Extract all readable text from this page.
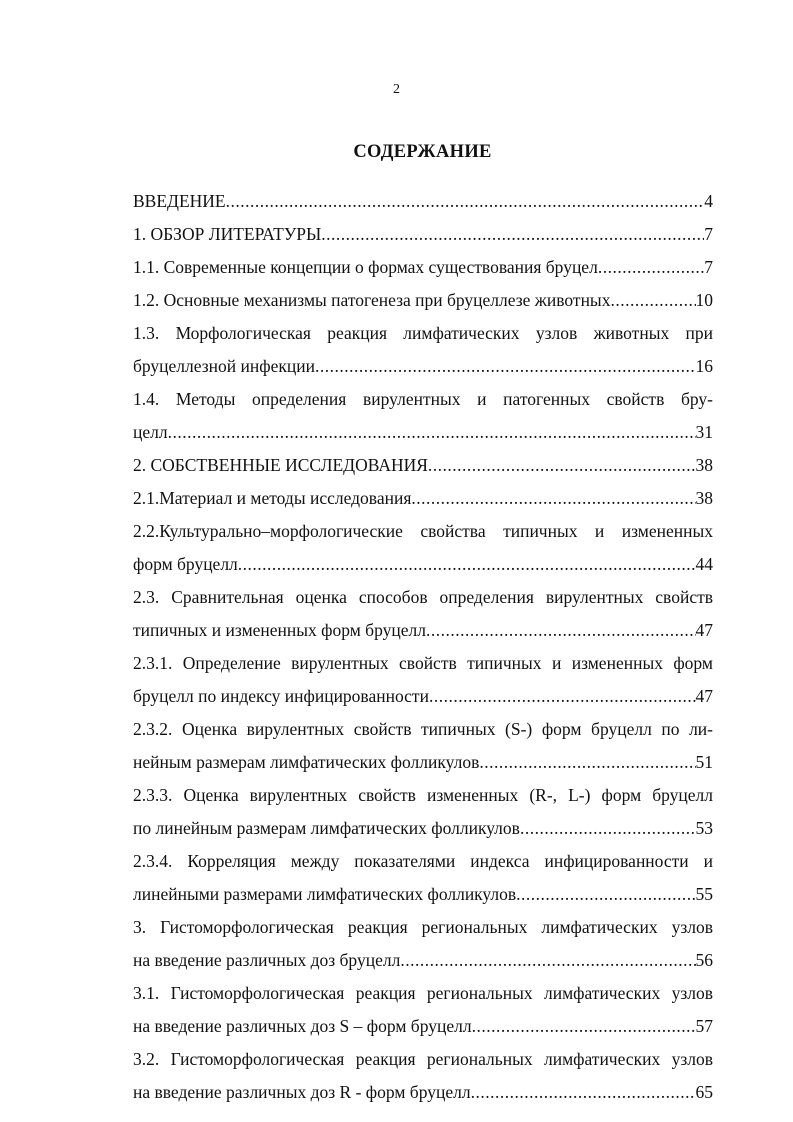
2
СОДЕРЖАНИЕ
ВВЕДЕНИЕ .....	4
1. ОБЗОР ЛИТЕРАТУРЫ .....	7
1.1. Современные концепции о формах существования бруцел .....	7
1.2. Основные механизмы патогенеза при бруцеллезе животных .....	10
1.3. Морфологическая реакция лимфатических узлов животных при
бруцеллезной инфекции .....	16
1.4. Методы определения вирулентных и патогенных свойств бру-
целл .....	31
2. СОБСТВЕННЫЕ ИССЛЕДОВАНИЯ .....	38
2.1.Материал и методы исследования .....	38
2.2.Культурально–морфологические свойства типичных и измененных
форм бруцелл .....	44
2.3. Сравнительная оценка способов определения вирулентных свойств
типичных и измененных форм бруцелл .....	47
2.3.1. Определение вирулентных свойств типичных и измененных форм
бруцелл по индексу инфицированности .....	47
2.3.2. Оценка вирулентных свойств типичных (S-) форм бруцелл по ли-
нейным размерам лимфатических фолликулов .....	51
2.3.3. Оценка вирулентных свойств измененных (R-, L-) форм бруцелл
по линейным размерам лимфатических фолликулов .....	53
2.3.4. Корреляция между показателями индекса инфицированности и
линейными размерами лимфатических фолликулов .....	55
3. Гистоморфологическая реакция региональных лимфатических узлов
на введение различных доз бруцелл .....	56
3.1. Гистоморфологическая реакция региональных лимфатических узлов
на введение различных доз S – форм бруцелл .....	57
3.2. Гистоморфологическая реакция региональных лимфатических узлов
на введение различных доз R - форм бруцелл .....	65
